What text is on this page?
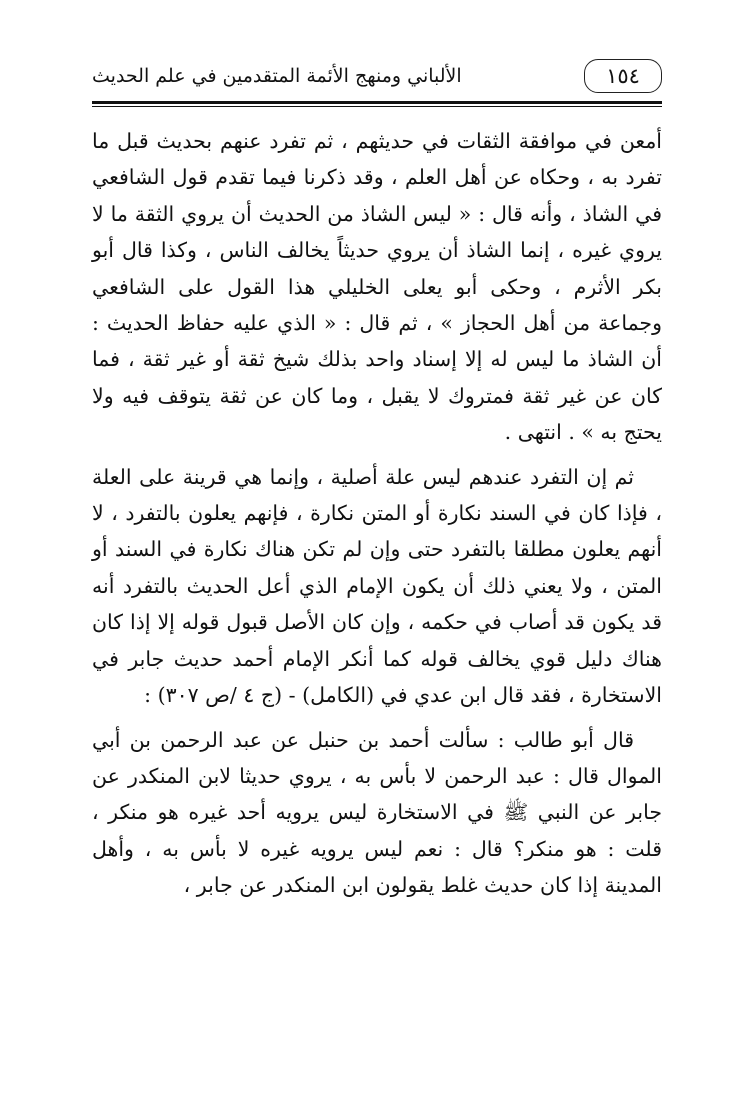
١٥٤
الألباني ومنهج الأئمة المتقدمين في علم الحديث

أمعن في موافقة الثقات في حديثهم ، ثم تفرد عنهم بحديث قبل ما تفرد به ، وحكاه عن أهل العلم ، وقد ذكرنا فيما تقدم قول الشافعي في الشاذ ، وأنه قال : « ليس الشاذ من الحديث أن يروي الثقة ما لا يروي غيره ، إنما الشاذ أن يروي حديثاً يخالف الناس ، وكذا قال أبو بكر الأثرم ، وحكى أبو يعلى الخليلي هذا القول على الشافعي وجماعة من أهل الحجاز » ، ثم قال : « الذي عليه حفاظ الحديث : أن الشاذ ما ليس له إلا إسناد واحد بذلك شيخ ثقة أو غير ثقة ، فما كان عن غير ثقة فمتروك لا يقبل ، وما كان عن ثقة يتوقف فيه ولا يحتج به » . انتهى .

ثم إن التفرد عندهم ليس علة أصلية ، وإنما هي قرينة على العلة ، فإذا كان في السند نكارة أو المتن نكارة ، فإنهم يعلون بالتفرد ، لا أنهم يعلون مطلقا بالتفرد حتى وإن لم تكن هناك نكارة في السند أو المتن ، ولا يعني ذلك أن يكون الإمام الذي أعل الحديث بالتفرد أنه قد يكون قد أصاب في حكمه ، وإن كان الأصل قبول قوله إلا إذا كان هناك دليل قوي يخالف قوله كما أنكر الإمام أحمد حديث جابر في الاستخارة ، فقد قال ابن عدي في (الكامل) - (ج ٤ /ص ٣٠٧) :

قال أبو طالب : سألت أحمد بن حنبل عن عبد الرحمن بن أبي الموال قال : عبد الرحمن لا بأس به ، يروي حديثا لابن المنكدر عن جابر عن النبي ﷺ في الاستخارة ليس يرويه أحد غيره هو منكر ، قلت : هو منكر؟ قال : نعم ليس يرويه غيره لا بأس به ، وأهل المدينة إذا كان حديث غلط يقولون ابن المنكدر عن جابر ،
